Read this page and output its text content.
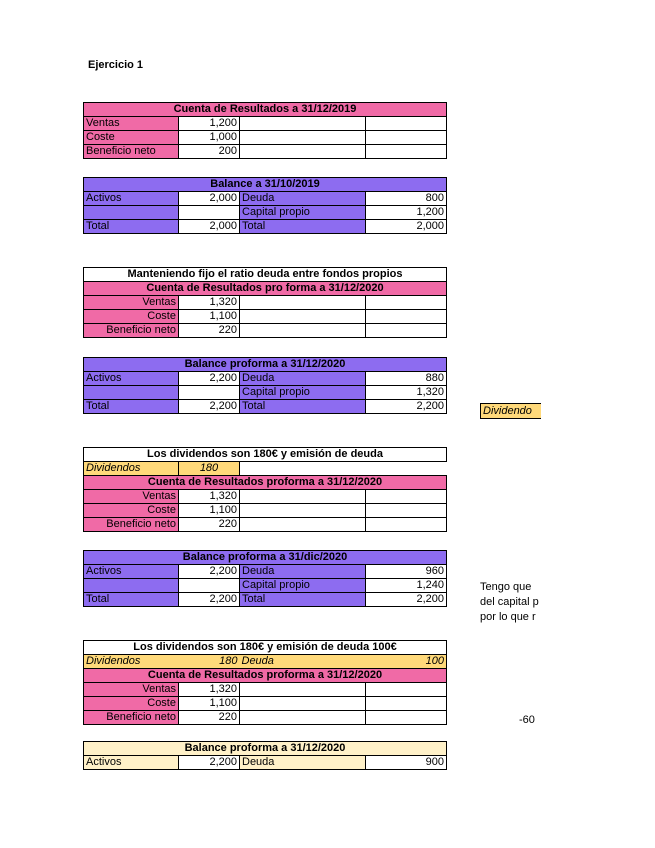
Ejercicio 1
Cuenta de Resultados a 31/12/2019			
Ventas	1,200		
Coste	1,000		
Beneficio neto	200		
Balance a 31/10/2019			
Activos	2,000	Deuda	800
		Capital propio	1,200
Total	2,000	Total	2,000
Manteniendo fijo el ratio deuda entre fondos propios			
Cuenta de Resultados pro forma a 31/12/2020			
Ventas	1,320		
Coste	1,100		
Beneficio neto	220		
Balance proforma a 31/12/2020			
Activos	2,200	Deuda	880
		Capital propio	1,320
Total	2,200	Total	2,200	Dividendo
Los dividendos son 180€ y emisión de deuda			
Dividendos	180		
Cuenta de Resultados proforma a 31/12/2020			
Ventas	1,320		
Coste	1,100		
Beneficio neto	220		
Balance proforma a 31/dic/2020			
Activos	2,200	Deuda	960
		Capital propio	1,240
Total	2,200	Total	2,200
Tengo que
del capital p
por lo que r
Los dividendos son 180€ y emisión de deuda 100€			
Dividendos	180	Deuda	100
Cuenta de Resultados proforma a 31/12/2020			
Ventas	1,320		
Coste	1,100		
Beneficio neto	220			-60
Balance proforma a 31/12/2020
Activos	2,200	Deuda	900
